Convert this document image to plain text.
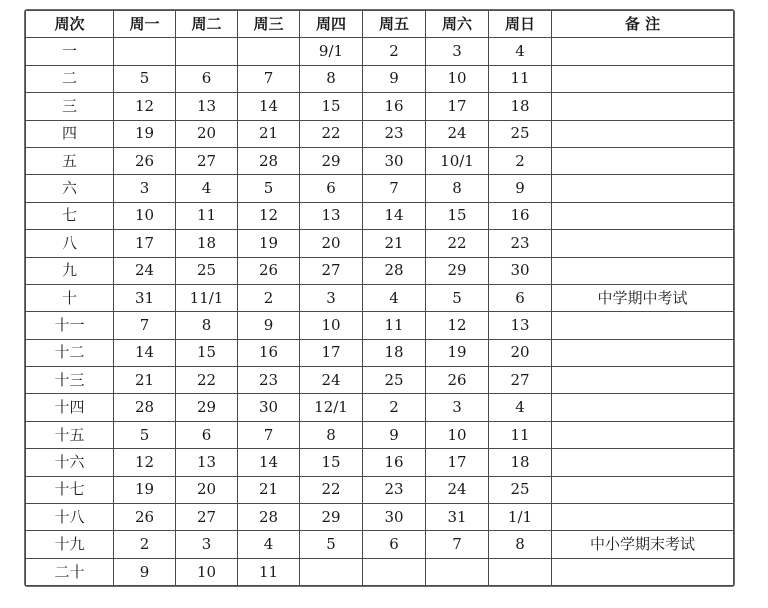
周次	周一	周二	周三	周四	周五	周六	周日	备 注
一				9/1	2	3	4	
二	5	6	7	8	9	10	11	
三	12	13	14	15	16	17	18	
四	19	20	21	22	23	24	25	
五	26	27	28	29	30	10/1	2	
六	3	4	5	6	7	8	9	
七	10	11	12	13	14	15	16	
八	17	18	19	20	21	22	23	
九	24	25	26	27	28	29	30	
十	31	11/1	2	3	4	5	6	中学期中考试
十一	7	8	9	10	11	12	13	
十二	14	15	16	17	18	19	20	
十三	21	22	23	24	25	26	27	
十四	28	29	30	12/1	2	3	4	
十五	5	6	7	8	9	10	11	
十六	12	13	14	15	16	17	18	
十七	19	20	21	22	23	24	25	
十八	26	27	28	29	30	31	1/1	
十九	2	3	4	5	6	7	8	中小学期末考试
二十	9	10	11					
